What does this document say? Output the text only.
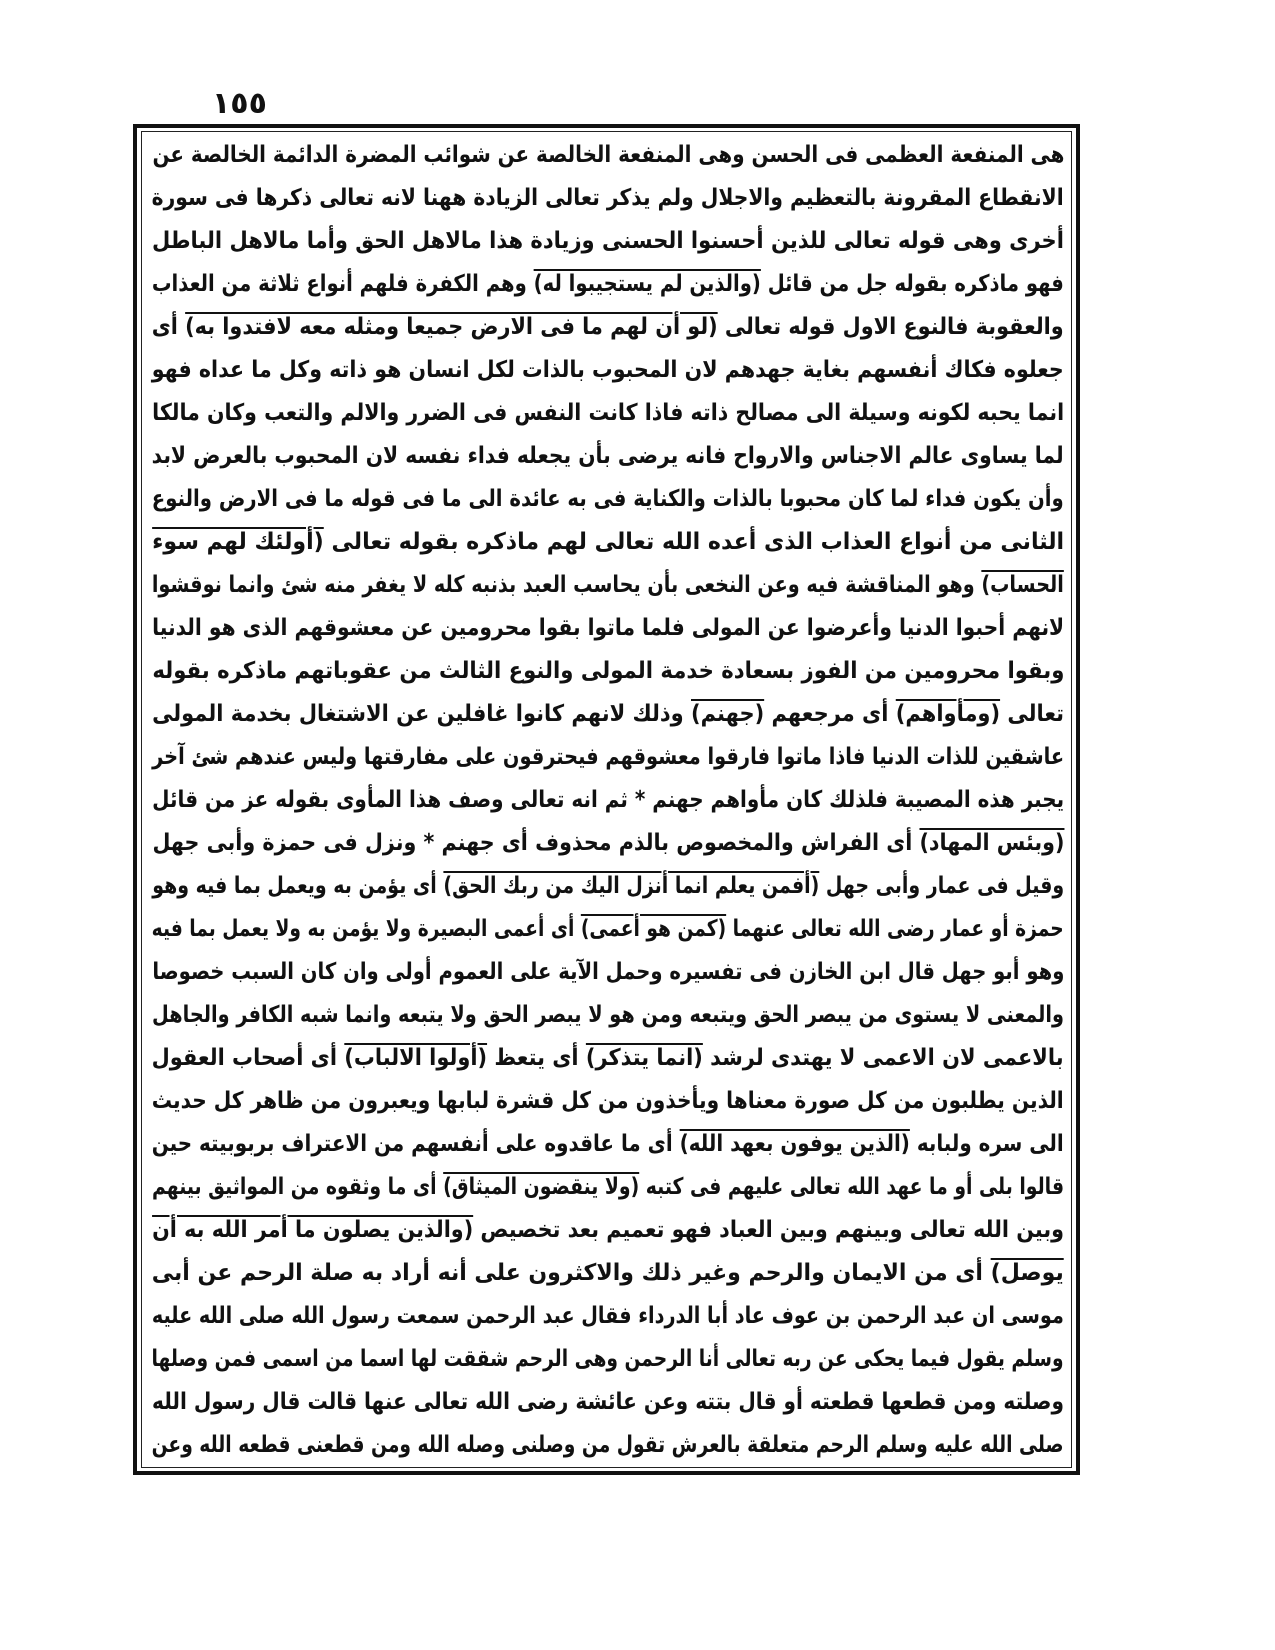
١٥٥
هى المنفعة العظمى فى الحسن وهى المنفعة الخالصة عن شوائب المضرة الدائمة الخالصة عن
الانقطاع المقرونة بالتعظيم والاجلال ولم يذكر تعالى الزيادة ههنا لانه تعالى ذكرها فى سورة
أخرى وهى قوله تعالى للذين أحسنوا الحسنى وزيادة هذا مالاهل الحق وأما مالاهل الباطل
فهو ماذكره بقوله جل من قائل (والذين لم يستجيبوا له) وهم الكفرة فلهم أنواع ثلاثة من العذاب
والعقوبة فالنوع الاول قوله تعالى (لو أن لهم ما فى الارض جميعا ومثله معه لافتدوا به) أى
جعلوه فكاك أنفسهم بغاية جهدهم لان المحبوب بالذات لكل انسان هو ذاته وكل ما عداه فهو
انما يحبه لكونه وسيلة الى مصالح ذاته فاذا كانت النفس فى الضرر والالم والتعب وكان مالكا
لما يساوى عالم الاجناس والارواح فانه يرضى بأن يجعله فداء نفسه لان المحبوب بالعرض لابد
وأن يكون فداء لما كان محبوبا بالذات والكناية فى به عائدة الى ما فى قوله ما فى الارض والنوع
الثانى من أنواع العذاب الذى أعده الله تعالى لهم ماذكره بقوله تعالى (أولئك لهم سوء
الحساب) وهو المناقشة فيه وعن النخعى بأن يحاسب العبد بذنبه كله لا يغفر منه شئ وانما نوقشوا
لانهم أحبوا الدنيا وأعرضوا عن المولى فلما ماتوا بقوا محرومين عن معشوقهم الذى هو الدنيا
وبقوا محرومين من الفوز بسعادة خدمة المولى والنوع الثالث من عقوباتهم ماذكره بقوله
تعالى (ومأواهم) أى مرجعهم (جهنم) وذلك لانهم كانوا غافلين عن الاشتغال بخدمة المولى
عاشقين للذات الدنيا فاذا ماتوا فارقوا معشوقهم فيحترقون على مفارقتها وليس عندهم شئ آخر
يجبر هذه المصيبة فلذلك كان مأواهم جهنم * ثم انه تعالى وصف هذا المأوى بقوله عز من قائل
(وبئس المهاد) أى الفراش والمخصوص بالذم محذوف أى جهنم * ونزل فى حمزة وأبى جهل
وقيل فى عمار وأبى جهل (أفمن يعلم انما أنزل اليك من ربك الحق) أى يؤمن به ويعمل بما فيه وهو
حمزة أو عمار رضى الله تعالى عنهما (كمن هو أعمى) أى أعمى البصيرة ولا يؤمن به ولا يعمل بما فيه
وهو أبو جهل قال ابن الخازن فى تفسيره وحمل الآية على العموم أولى وان كان السبب خصوصا
والمعنى لا يستوى من يبصر الحق ويتبعه ومن هو لا يبصر الحق ولا يتبعه وانما شبه الكافر والجاهل
بالاعمى لان الاعمى لا يهتدى لرشد (انما يتذكر) أى يتعظ (أولوا الالباب) أى أصحاب العقول
الذين يطلبون من كل صورة معناها ويأخذون من كل قشرة لبابها ويعبرون من ظاهر كل حديث
الى سره ولبابه (الذين يوفون بعهد الله) أى ما عاقدوه على أنفسهم من الاعتراف بربوبيته حين
قالوا بلى أو ما عهد الله تعالى عليهم فى كتبه (ولا ينقضون الميثاق) أى ما وثقوه من المواثيق بينهم
وبين الله تعالى وبينهم وبين العباد فهو تعميم بعد تخصيص (والذين يصلون ما أمر الله به أن
يوصل) أى من الايمان والرحم وغير ذلك والاكثرون على أنه أراد به صلة الرحم عن أبى
موسى ان عبد الرحمن بن عوف عاد أبا الدرداء فقال عبد الرحمن سمعت رسول الله صلى الله عليه
وسلم يقول فيما يحكى عن ربه تعالى أنا الرحمن وهى الرحم شققت لها اسما من اسمى فمن وصلها
وصلته ومن قطعها قطعته أو قال بتته وعن عائشة رضى الله تعالى عنها قالت قال رسول الله
صلى الله عليه وسلم الرحم متعلقة بالعرش تقول من وصلنى وصله الله ومن قطعنى قطعه الله وعن
